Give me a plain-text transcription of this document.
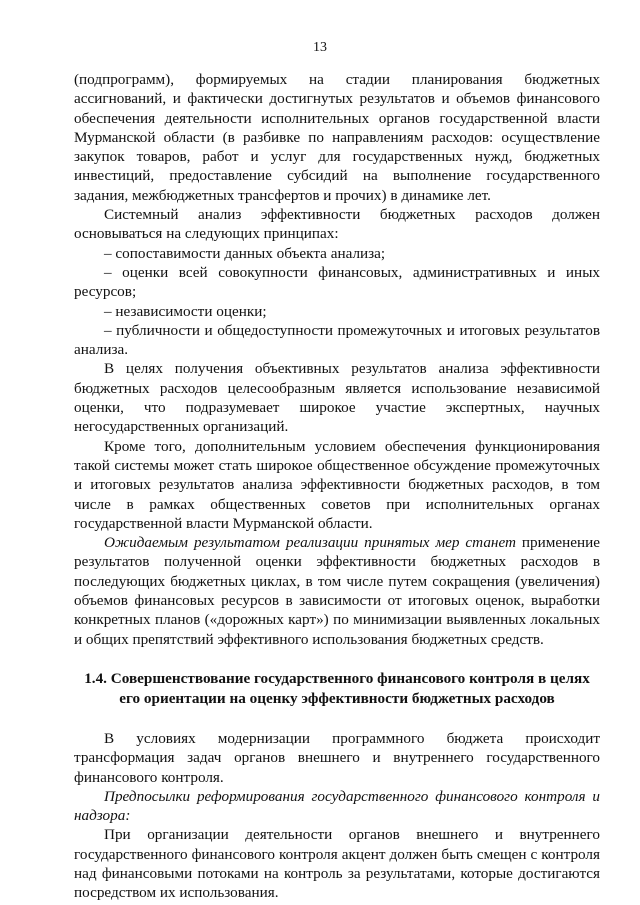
13

(подпрограмм), формируемых на стадии планирования бюджетных ассигнований, и фактически достигнутых результатов и объемов финансового обеспечения деятельности исполнительных органов государственной власти Мурманской области (в разбивке по направлениям расходов: осуществление закупок товаров, работ и услуг для государственных нужд, бюджетных инвестиций, предоставление субсидий на выполнение государственного задания, межбюджетных трансфертов и прочих) в динамике лет.

Системный анализ эффективности бюджетных расходов должен основываться на следующих принципах:

– сопоставимости данных объекта анализа;

– оценки всей совокупности финансовых, административных и иных ресурсов;

– независимости оценки;

– публичности и общедоступности промежуточных и итоговых результатов анализа.

В целях получения объективных результатов анализа эффективности бюджетных расходов целесообразным является использование независимой оценки, что подразумевает широкое участие экспертных, научных негосударственных организаций.

Кроме того, дополнительным условием обеспечения функционирования такой системы может стать широкое общественное обсуждение промежуточных и итоговых результатов анализа эффективности бюджетных расходов, в том числе в рамках общественных советов при исполнительных органах государственной власти Мурманской области.

Ожидаемым результатом реализации принятых мер станет применение результатов полученной оценки эффективности бюджетных расходов в последующих бюджетных циклах, в том числе путем сокращения (увеличения) объемов финансовых ресурсов в зависимости от итоговых оценок, выработки конкретных планов («дорожных карт») по минимизации выявленных локальных и общих препятствий эффективного использования бюджетных средств.

1.4. Совершенствование государственного финансового контроля в целях его ориентации на оценку эффективности бюджетных расходов

В условиях модернизации программного бюджета происходит трансформация задач органов внешнего и внутреннего государственного финансового контроля.

Предпосылки реформирования государственного финансового контроля и надзора:

При организации деятельности органов внешнего и внутреннего государственного финансового контроля акцент должен быть смещен с контроля над финансовыми потоками на контроль за результатами, которые достигаются посредством их использования.
